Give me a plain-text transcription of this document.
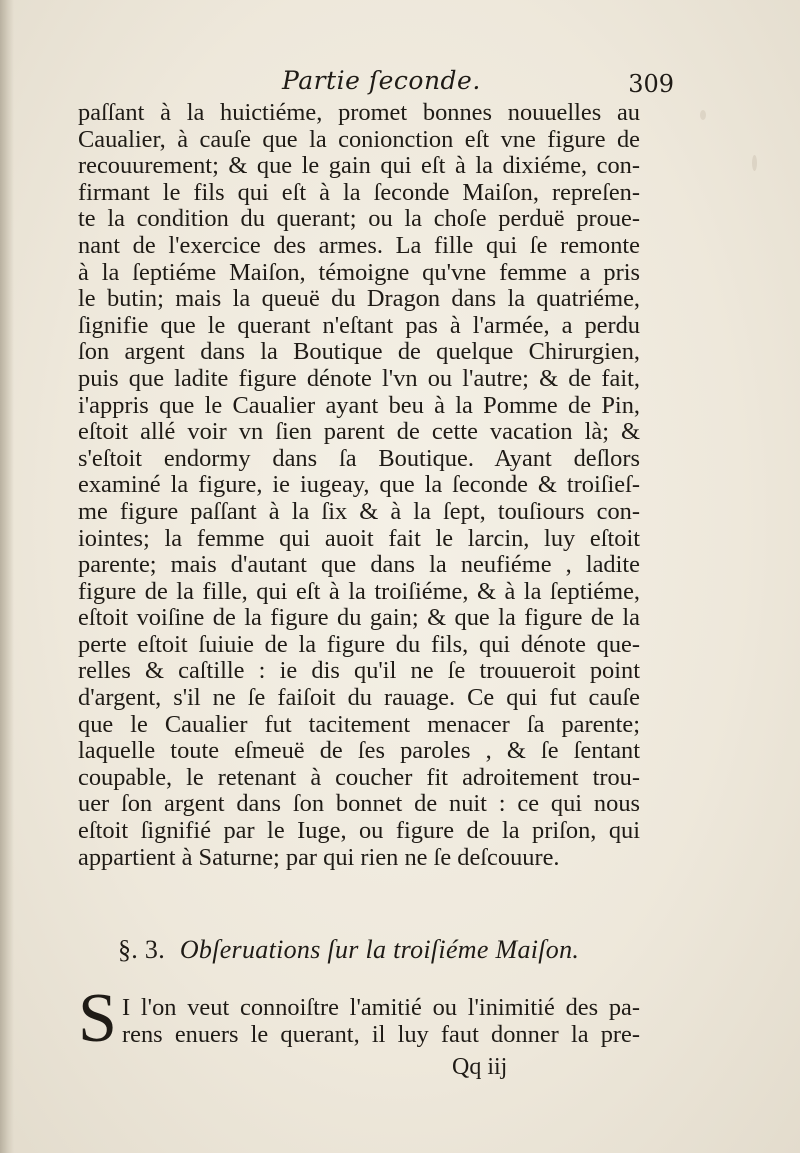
Partie ſeconde.	309
paſſant à la huictiéme, promet bonnes nouuelles au
Caualier, à cauſe que la conionction eſt vne figure de
recouurement; & que le gain qui eſt à la dixiéme, con-
firmant le fils qui eſt à la ſeconde Maiſon, repreſen-
te la condition du querant; ou la choſe perduë proue-
nant de l'exercice des armes. La fille qui ſe remonte
à la ſeptiéme Maiſon, témoigne qu'vne femme a pris
le butin; mais la queuë du Dragon dans la quatriéme,
ſignifie que le querant n'eſtant pas à l'armée, a perdu
ſon argent dans la Boutique de quelque Chirurgien,
puis que ladite figure dénote l'vn ou l'autre; & de fait,
i'appris que le Caualier ayant beu à la Pomme de Pin,
eſtoit allé voir vn ſien parent de cette vacation là; &
s'eſtoit endormy dans ſa Boutique. Ayant deſlors
examiné la figure, ie iugeay, que la ſeconde & troiſieſ-
me figure paſſant à la ſix & à la ſept, touſiours con-
iointes; la femme qui auoit fait le larcin, luy eſtoit
parente; mais d'autant que dans la neufiéme , ladite
figure de la fille, qui eſt à la troiſiéme, & à la ſeptiéme,
eſtoit voiſine de la figure du gain; & que la figure de la
perte eſtoit ſuiuie de la figure du fils, qui dénote que-
relles & caſtille : ie dis qu'il ne ſe trouueroit point
d'argent, s'il ne ſe faiſoit du rauage. Ce qui fut cauſe
que le Caualier fut tacitement menacer ſa parente;
laquelle toute eſmeuë de ſes paroles , & ſe ſentant
coupable, le retenant à coucher fit adroitement trou-
uer ſon argent dans ſon bonnet de nuit : ce qui nous
eſtoit ſignifié par le Iuge, ou figure de la priſon, qui
appartient à Saturne; par qui rien ne ſe deſcouure.
§. 3. Obſeruations ſur la troiſiéme Maiſon.
S I l'on veut connoiſtre l'amitié ou l'inimitié des pa-
rens enuers le querant, il luy faut donner la pre-
Qq iij
